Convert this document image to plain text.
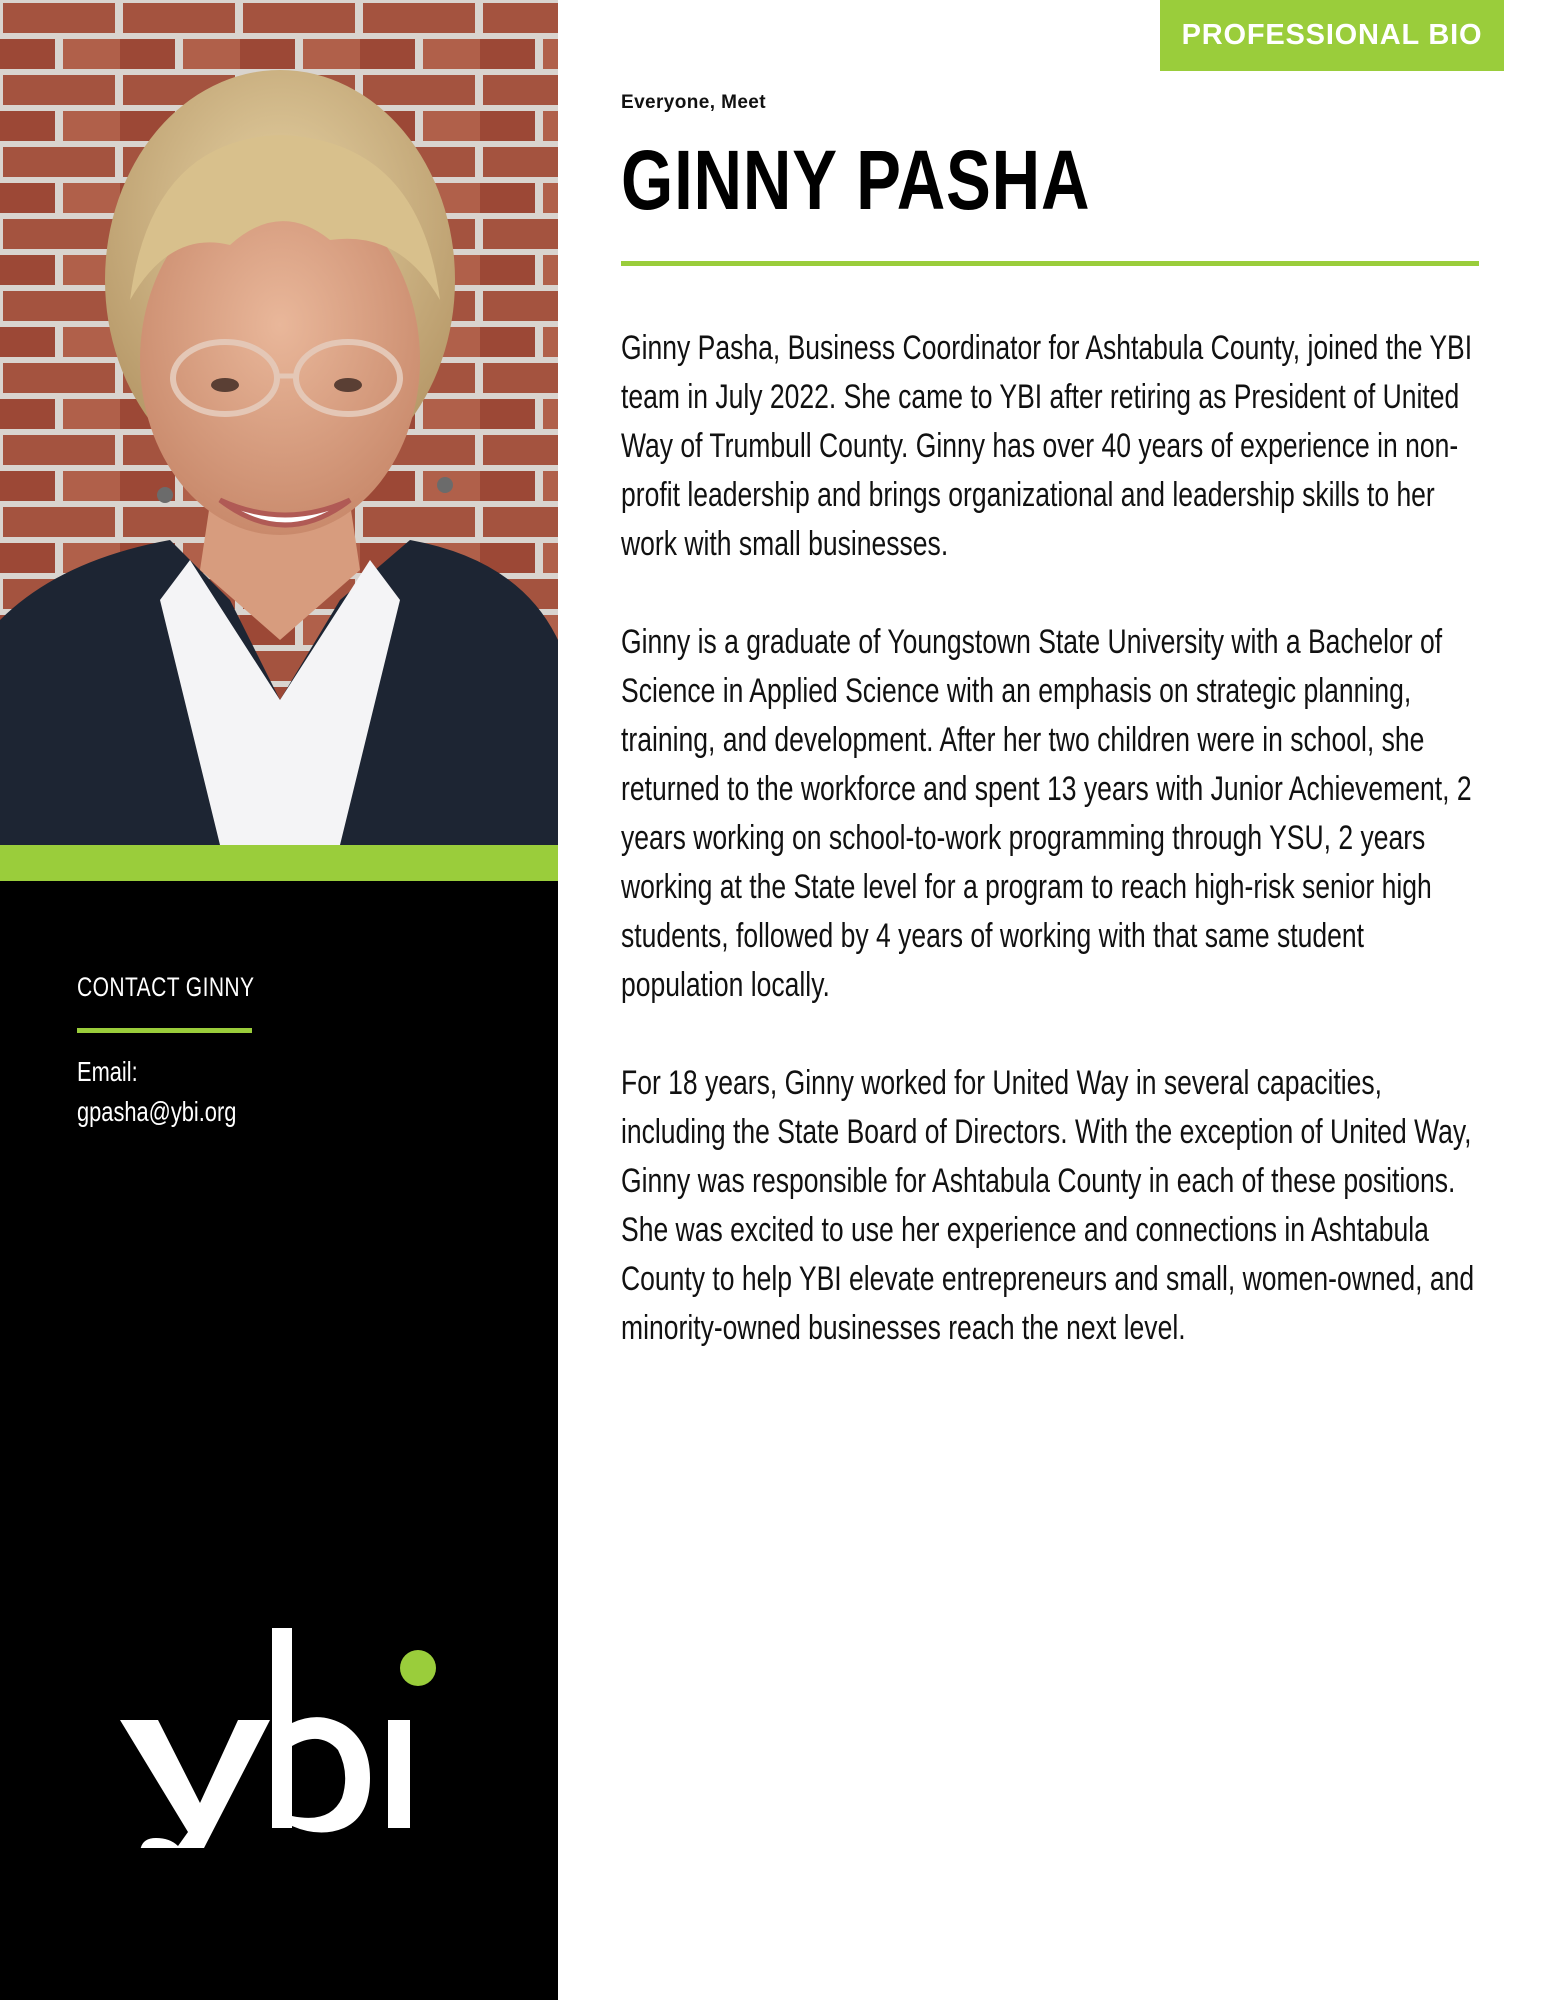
CONTACT GINNY

Email:

gpasha@ybi.org

Where Grit
Meets Growth

PROFESSIONAL BIO

Everyone, Meet

GINNY PASHA

Ginny Pasha, Business Coordinator for Ashtabula County, joined the YBI team in July 2022. She came to YBI after retiring as President of United Way of Trumbull County. Ginny has over 40 years of experience in non-profit leadership and brings organizational and leadership skills to her work with small businesses.

Ginny is a graduate of Youngstown State University with a Bachelor of Science in Applied Science with an emphasis on strategic planning, training, and development. After her two children were in school, she returned to the workforce and spent 13 years with Junior Achievement, 2 years working on school-to-work programming through YSU, 2 years working at the State level for a program to reach high-risk senior high students, followed by 4 years of working with that same student population locally.

For 18 years, Ginny worked for United Way in several capacities, including the State Board of Directors. With the exception of United Way, Ginny was responsible for Ashtabula County in each of these positions. She was excited to use her experience and connections in Ashtabula County to help YBI elevate entrepreneurs and small, women-owned, and minority-owned businesses reach the next level.
